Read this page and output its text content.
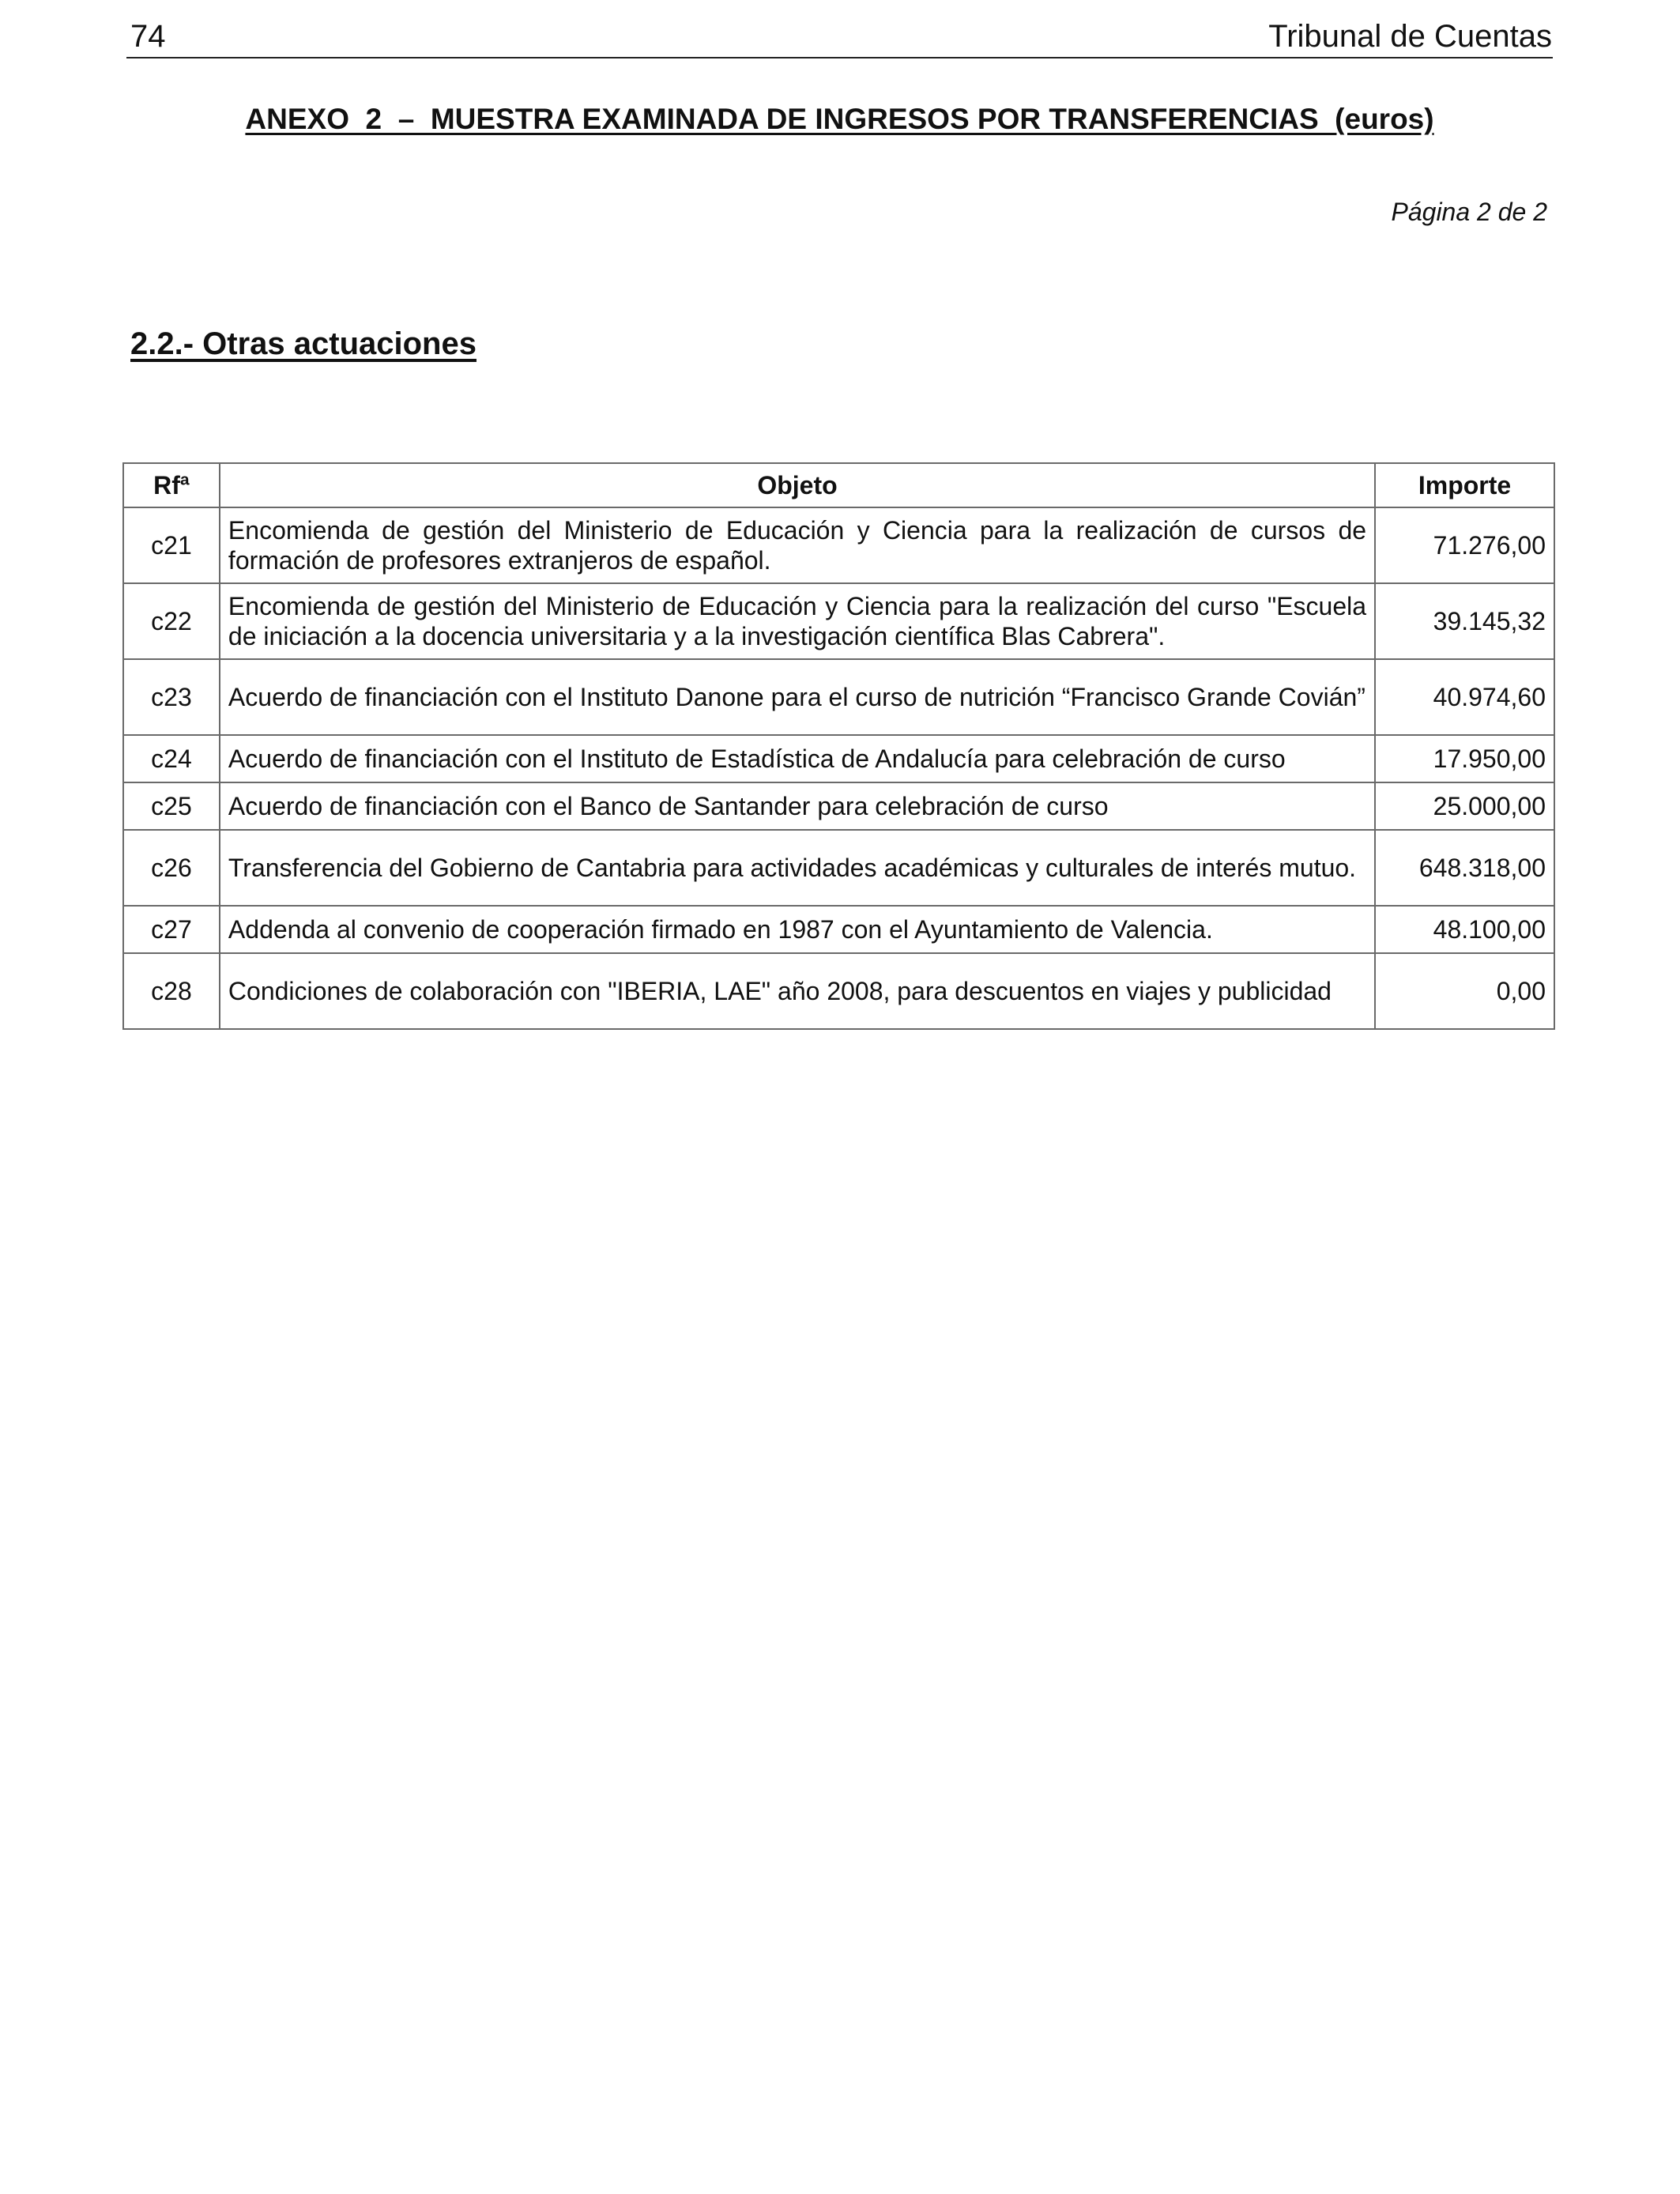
74	Tribunal de Cuentas
ANEXO  2  –  MUESTRA EXAMINADA DE INGRESOS POR TRANSFERENCIAS  (euros)
Página 2 de 2
2.2.- Otras actuaciones
Rfª	Objeto	Importe
c21	Encomienda de gestión del Ministerio de Educación y Ciencia para la realización de cursos de formación de profesores extranjeros de español.	71.276,00
c22	Encomienda de gestión del Ministerio de Educación y Ciencia para la realización del curso "Escuela de iniciación a la docencia universitaria y a la investigación científica Blas Cabrera".	39.145,32
c23	Acuerdo de financiación con el Instituto Danone para el curso de nutrición “Francisco Grande Covián”	40.974,60
c24	Acuerdo de financiación con el Instituto de Estadística de Andalucía para celebración de curso	17.950,00
c25	Acuerdo de financiación con el Banco de Santander para celebración de curso	25.000,00
c26	Transferencia del Gobierno de Cantabria para actividades académicas y culturales de interés mutuo.	648.318,00
c27	Addenda al convenio de cooperación firmado en 1987 con el Ayuntamiento de Valencia.	48.100,00
c28	Condiciones de colaboración con "IBERIA, LAE" año 2008, para descuentos en viajes y publicidad	0,00
